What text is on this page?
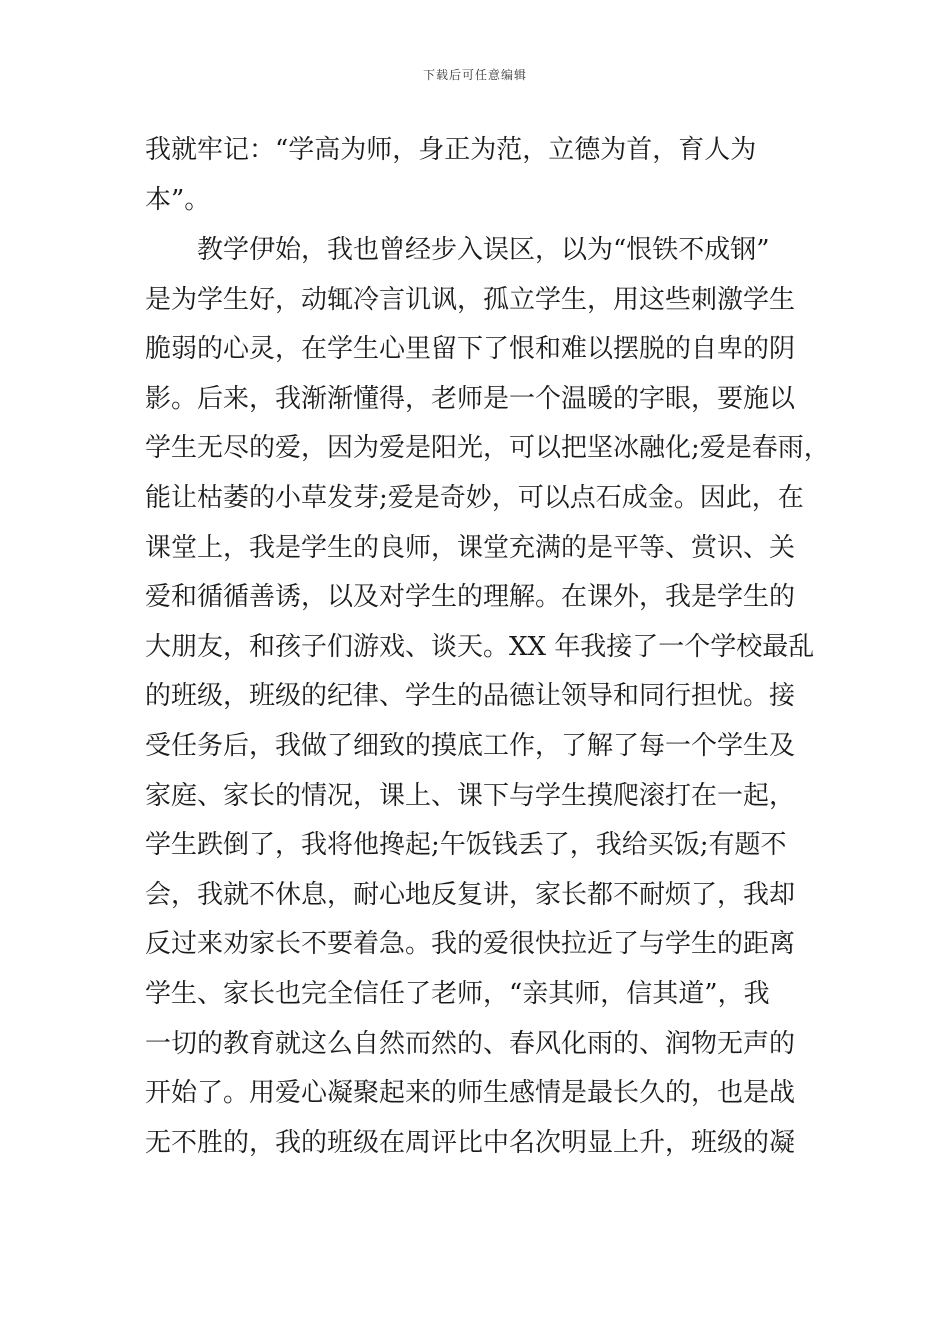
下载后可任意编辑
我就牢记：“学高为师，身正为范，立德为首，育人为
本”。
教学伊始，我也曾经步入误区，以为“恨铁不成钢”
是为学生好，动辄冷言讥讽，孤立学生，用这些刺激学生
脆弱的心灵，在学生心里留下了恨和难以摆脱的自卑的阴
影。后来，我渐渐懂得，老师是一个温暖的字眼，要施以
学生无尽的爱，因为爱是阳光，可以把坚冰融化;爱是春雨，
能让枯萎的小草发芽;爱是奇妙，可以点石成金。因此，在
课堂上，我是学生的良师，课堂充满的是平等、赏识、关
爱和循循善诱，以及对学生的理解。在课外，我是学生的
大朋友，和孩子们游戏、谈天。XX 年我接了一个学校最乱
的班级，班级的纪律、学生的品德让领导和同行担忧。接
受任务后，我做了细致的摸底工作，了解了每一个学生及
家庭、家长的情况，课上、课下与学生摸爬滚打在一起，
学生跌倒了，我将他搀起;午饭钱丢了，我给买饭;有题不
会，我就不休息，耐心地反复讲，家长都不耐烦了，我却
反过来劝家长不要着急。我的爱很快拉近了与学生的距离
学生、家长也完全信任了老师，“亲其师，信其道”，我
一切的教育就这么自然而然的、春风化雨的、润物无声的
开始了。用爱心凝聚起来的师生感情是最长久的，也是战
无不胜的，我的班级在周评比中名次明显上升，班级的凝
